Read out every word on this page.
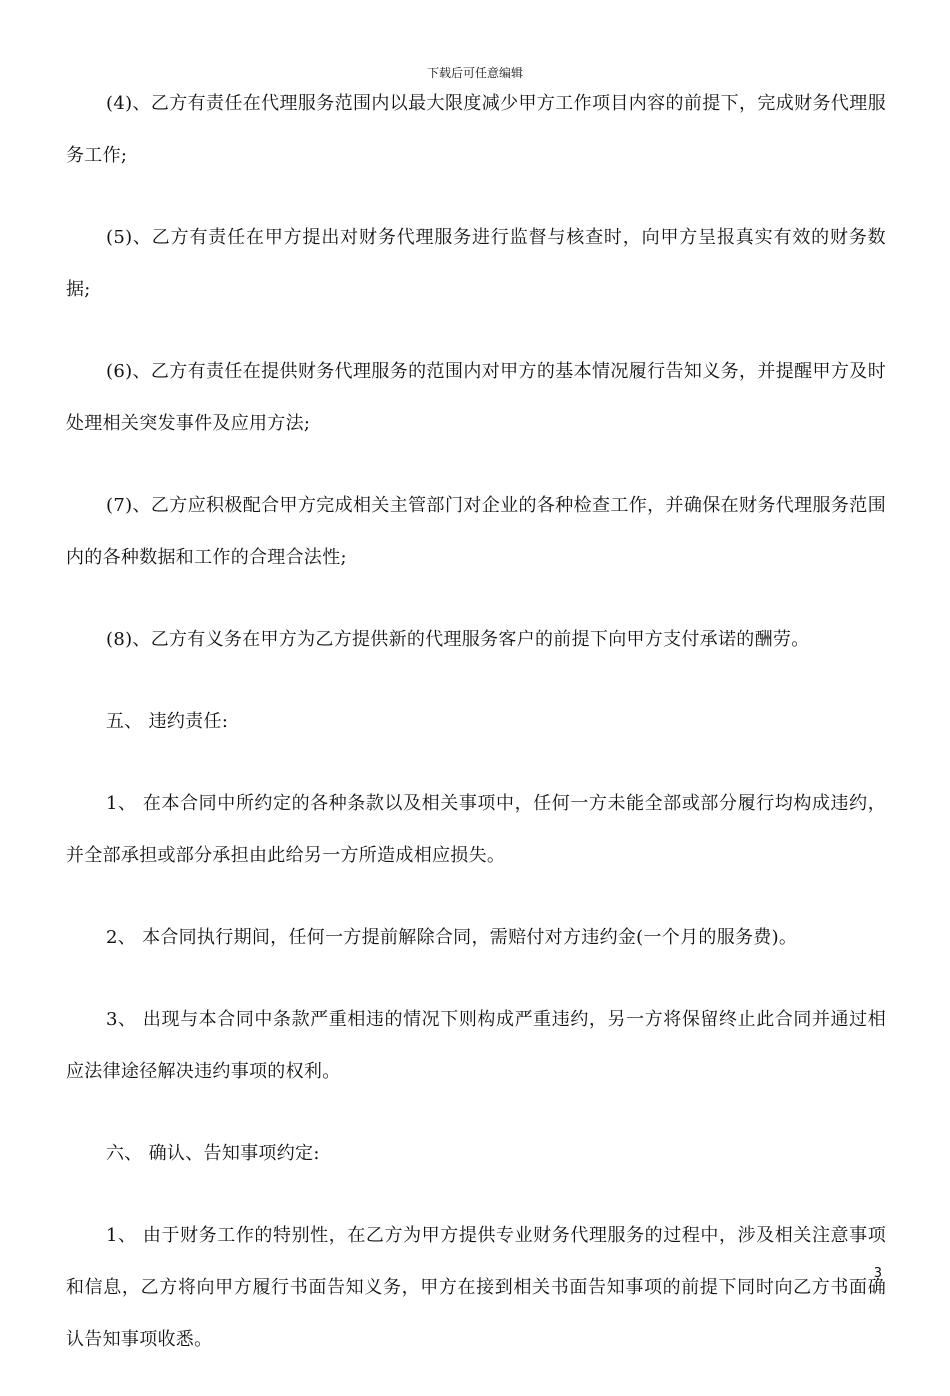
下载后可任意编辑

(4)、乙方有责任在代理服务范围内以最大限度减少甲方工作项目内容的前提下，完成财务代理服务工作;

(5)、乙方有责任在甲方提出对财务代理服务进行监督与核查时，向甲方呈报真实有效的财务数据;

(6)、乙方有责任在提供财务代理服务的范围内对甲方的基本情况履行告知义务，并提醒甲方及时处理相关突发事件及应用方法;

(7)、乙方应积极配合甲方完成相关主管部门对企业的各种检查工作，并确保在财务代理服务范围内的各种数据和工作的合理合法性;

(8)、乙方有义务在甲方为乙方提供新的代理服务客户的前提下向甲方支付承诺的酬劳。

五、 违约责任:

1、 在本合同中所约定的各种条款以及相关事项中，任何一方未能全部或部分履行均构成违约，并全部承担或部分承担由此给另一方所造成相应损失。

2、 本合同执行期间，任何一方提前解除合同，需赔付对方违约金(一个月的服务费)。

3、 出现与本合同中条款严重相违的情况下则构成严重违约，另一方将保留终止此合同并通过相应法律途径解决违约事项的权利。

六、 确认、告知事项约定:

1、 由于财务工作的特别性，在乙方为甲方提供专业财务代理服务的过程中，涉及相关注意事项和信息，乙方将向甲方履行书面告知义务，甲方在接到相关书面告知事项的前提下同时向乙方书面确认告知事项收悉。

3
